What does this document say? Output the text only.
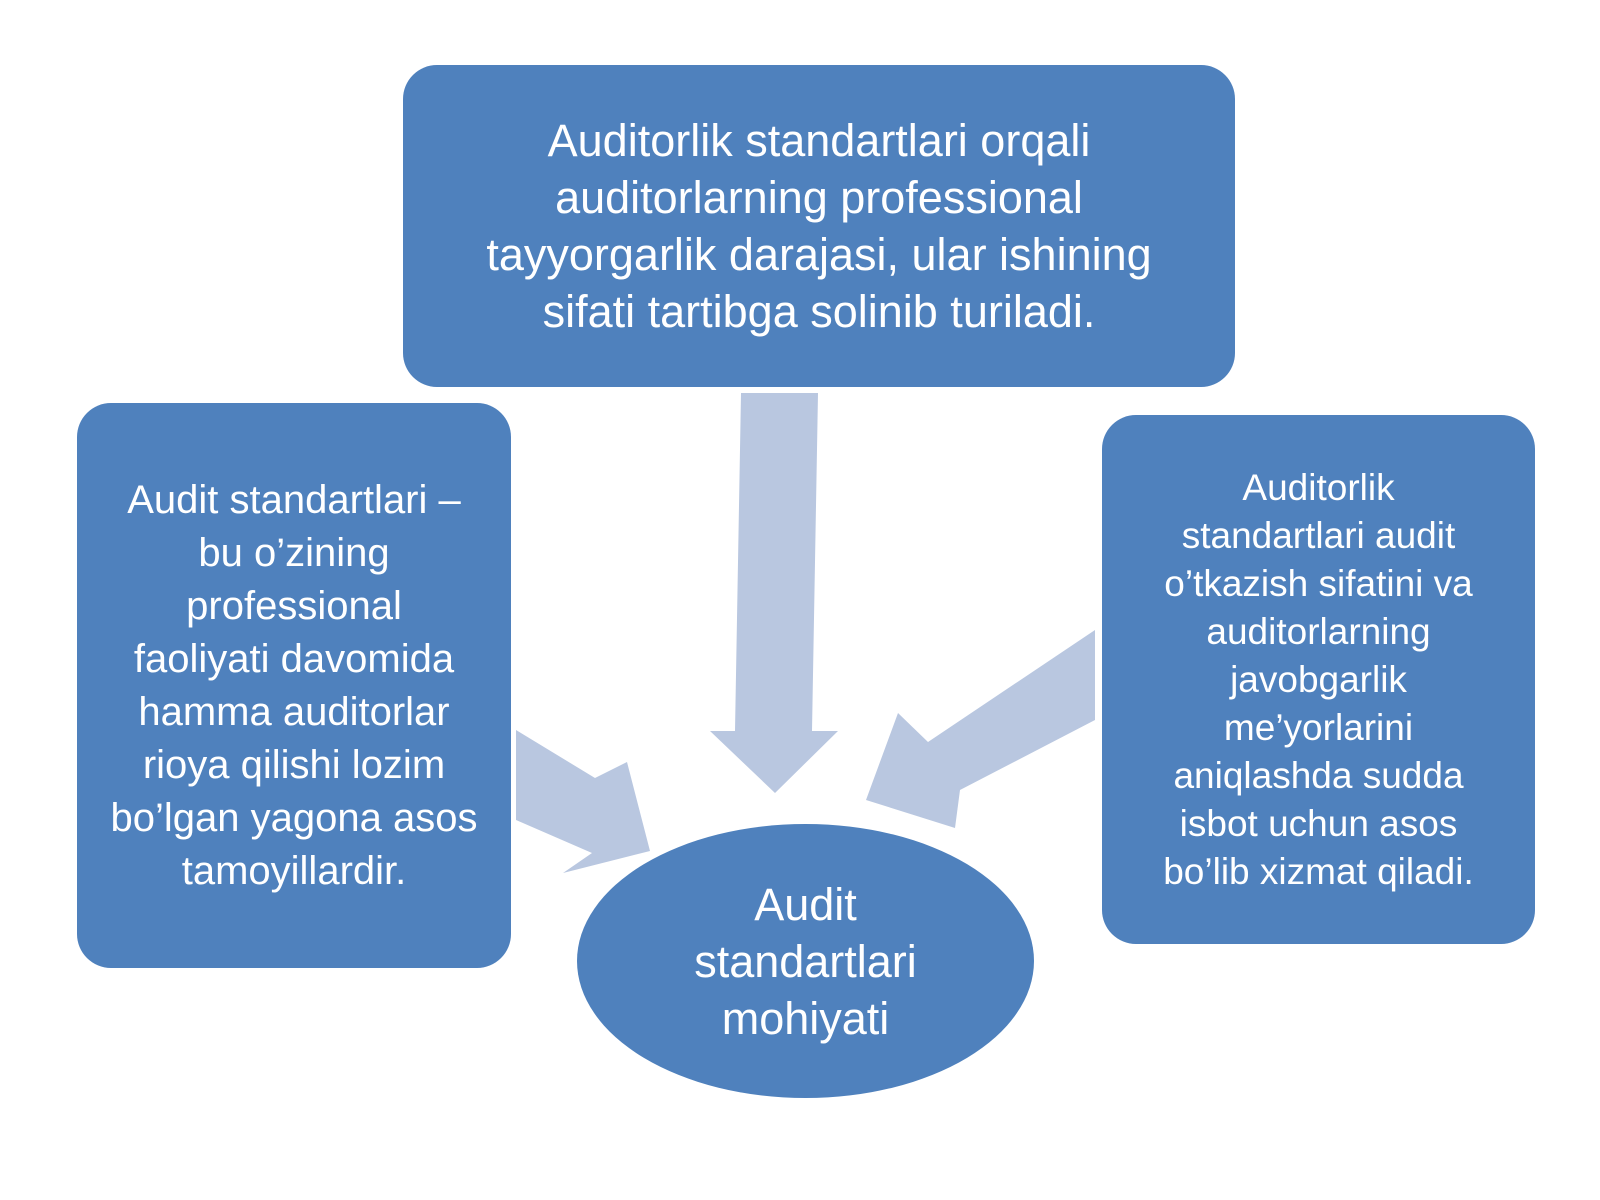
Auditorlik standartlari orqali
auditorlarning professional
tayyorgarlik darajasi, ular ishining
sifati tartibga solinib turiladi.
Audit standartlari –
bu o’zining
professional
faoliyati davomida
hamma auditorlar
rioya qilishi lozim
bo’lgan yagona asos
tamoyillardir.
Auditorlik
standartlari audit
o’tkazish sifatini va
auditorlarning
javobgarlik
me’yorlarini
aniqlashda sudda
isbot uchun asos
bo’lib xizmat qiladi.
Audit
standartlari
mohiyati
